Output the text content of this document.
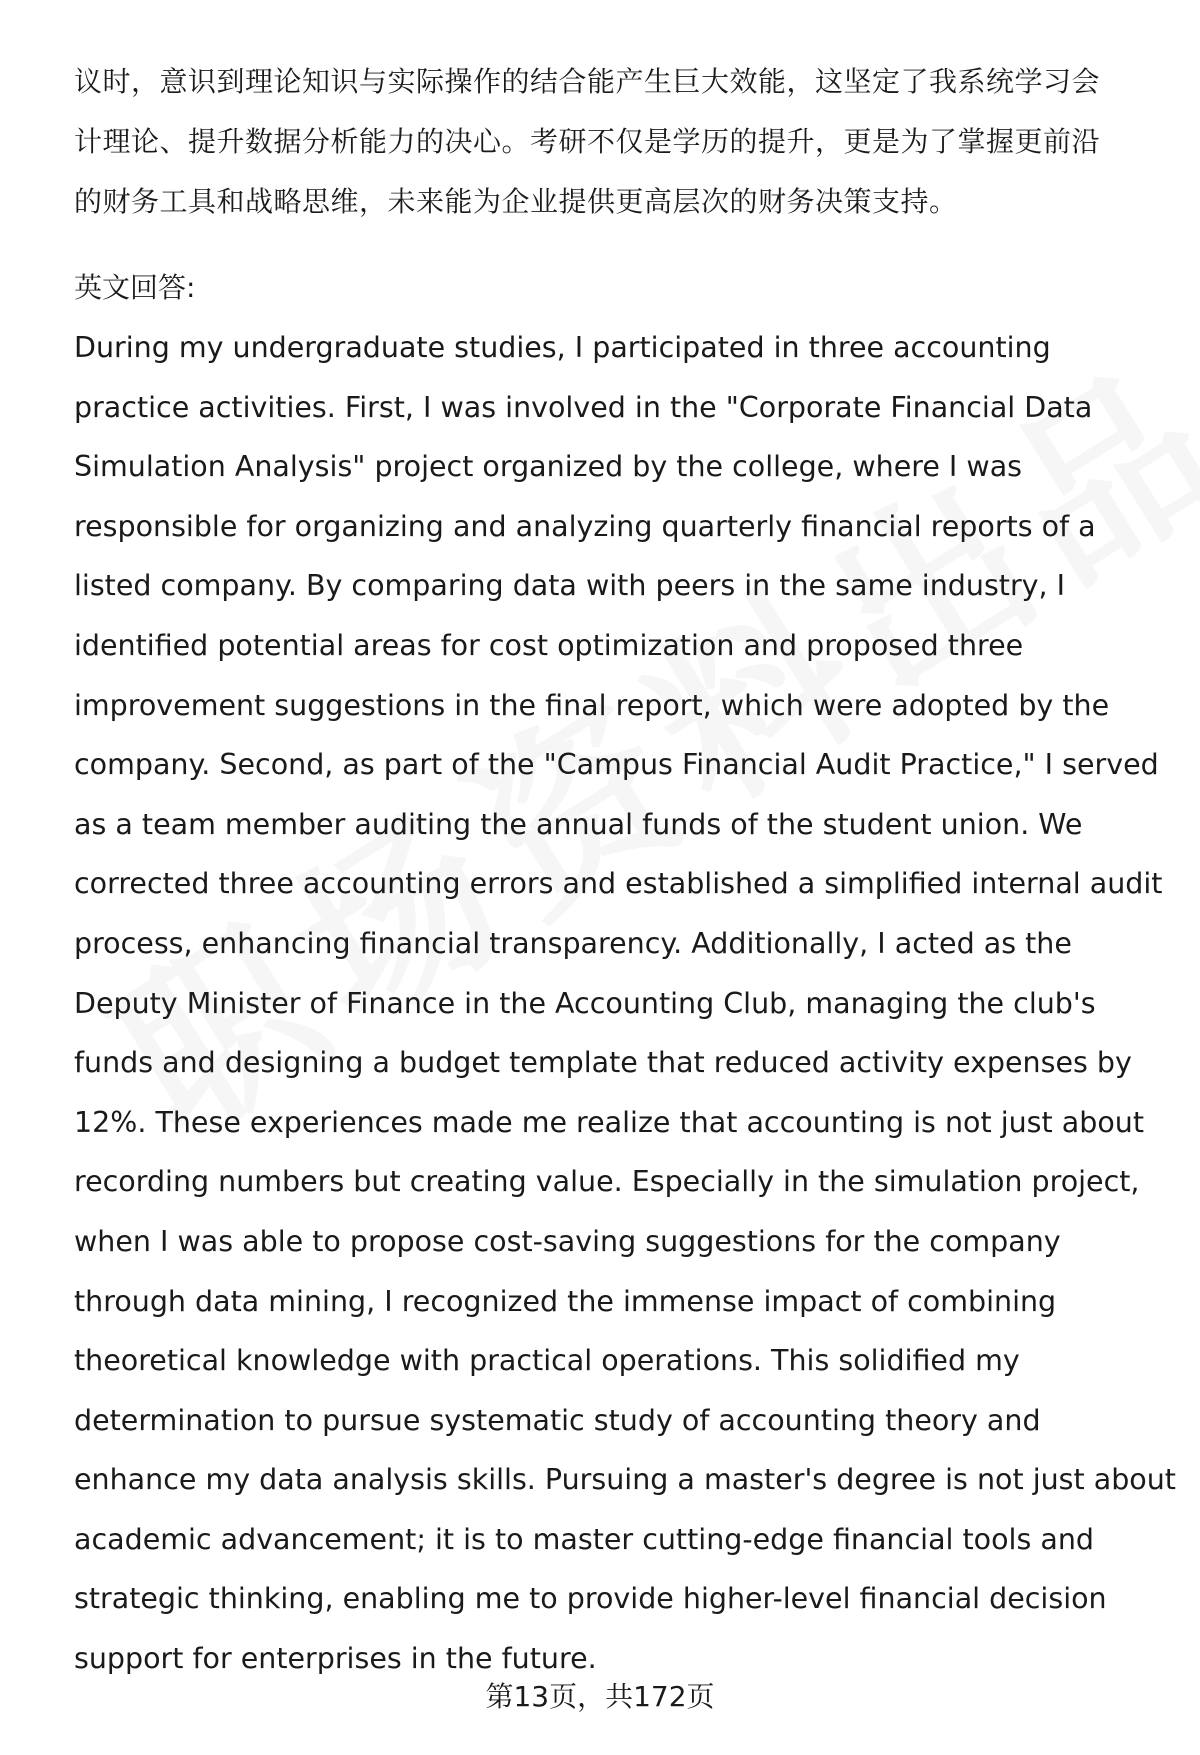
议时，意识到理论知识与实际操作的结合能产生巨大效能，这坚定了我系统学习会

计理论、提升数据分析能力的决心。考研不仅是学历的提升，更是为了掌握更前沿

的财务工具和战略思维，未来能为企业提供更高层次的财务决策支持。

英文回答:

During my undergraduate studies, I participated in three accounting

practice activities. First, I was involved in the "Corporate Financial Data

Simulation Analysis" project organized by the college, where I was

responsible for organizing and analyzing quarterly financial reports of a

listed company. By comparing data with peers in the same industry, I

identified potential areas for cost optimization and proposed three

improvement suggestions in the final report, which were adopted by the

company. Second, as part of the "Campus Financial Audit Practice," I served

as a team member auditing the annual funds of the student union. We

corrected three accounting errors and established a simplified internal audit

process, enhancing financial transparency. Additionally, I acted as the

Deputy Minister of Finance in the Accounting Club, managing the club's

funds and designing a budget template that reduced activity expenses by

12%. These experiences made me realize that accounting is not just about

recording numbers but creating value. Especially in the simulation project,

when I was able to propose cost-saving suggestions for the company

through data mining, I recognized the immense impact of combining

theoretical knowledge with practical operations. This solidified my

determination to pursue systematic study of accounting theory and

enhance my data analysis skills. Pursuing a master's degree is not just about

academic advancement; it is to master cutting-edge financial tools and

strategic thinking, enabling me to provide higher-level financial decision

support for enterprises in the future.

第13页，共172页
